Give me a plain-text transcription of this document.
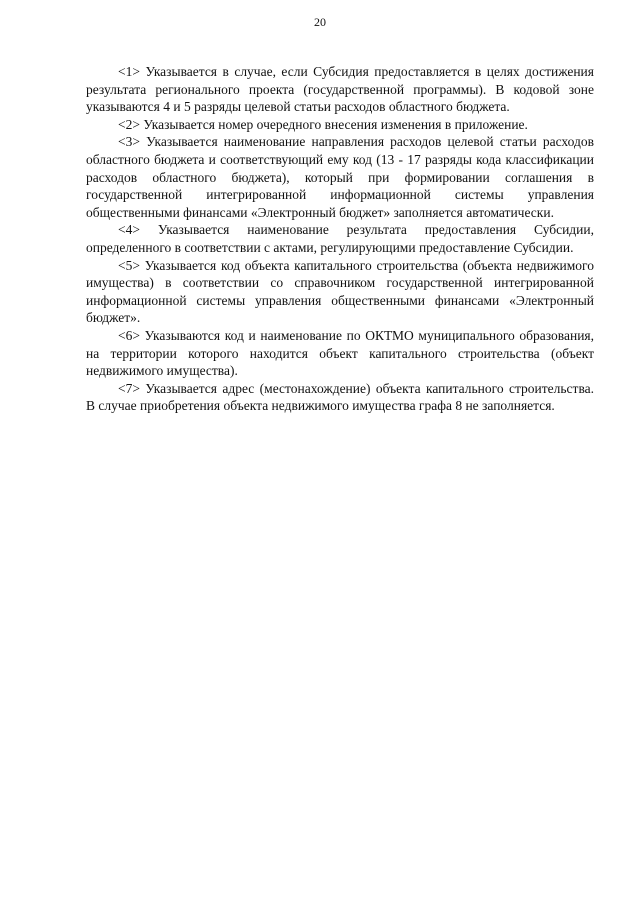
20

<1> Указывается в случае, если Субсидия предоставляется в целях достижения результата регионального проекта (государственной программы). В кодовой зоне указываются 4 и 5 разряды целевой статьи расходов областного бюджета.

<2> Указывается номер очередного внесения изменения в приложение.

<3> Указывается наименование направления расходов целевой статьи расходов областного бюджета и соответствующий ему код (13 - 17 разряды кода классификации расходов областного бюджета), который при формировании соглашения в государственной интегрированной информационной системы управления общественными финансами «Электронный бюджет» заполняется автоматически.

<4> Указывается наименование результата предоставления Субсидии, определенного в соответствии с актами, регулирующими предоставление Субсидии.

<5> Указывается код объекта капитального строительства (объекта недвижимого имущества) в соответствии со справочником государственной интегрированной информационной системы управления общественными финансами «Электронный бюджет».

<6> Указываются код и наименование по ОКТМО муниципального образования, на территории которого находится объект капитального строительства (объект недвижимого имущества).

<7> Указывается адрес (местонахождение) объекта капитального строительства. В случае приобретения объекта недвижимого имущества графа 8 не заполняется.
